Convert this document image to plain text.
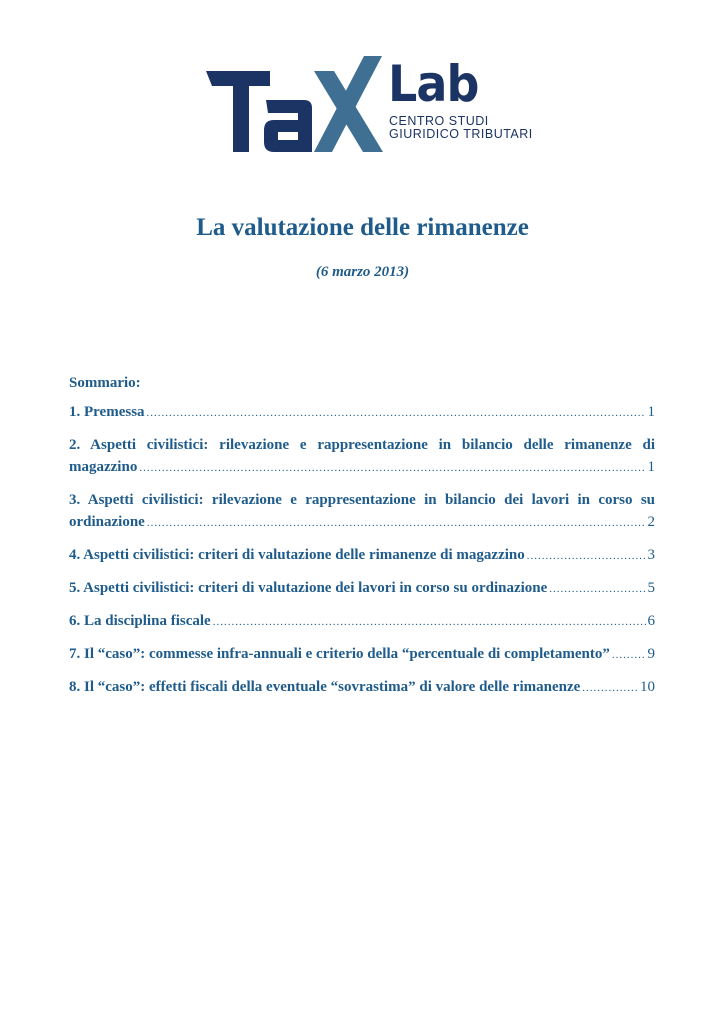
Lab
CENTRO STUDI
GIURIDICO TRIBUTARI
La valutazione delle rimanenze
(6 marzo 2013)
Sommario:
1. Premessa .....	1
2. Aspetti civilistici: rilevazione e rappresentazione in bilancio delle rimanenze di
magazzino .....	1
3. Aspetti civilistici: rilevazione e rappresentazione in bilancio dei lavori in corso su
ordinazione .....	2
4. Aspetti civilistici: criteri di valutazione delle rimanenze di magazzino .....	3
5. Aspetti civilistici: criteri di valutazione dei lavori in corso su ordinazione .....	5
6. La disciplina fiscale .....	6
7. Il “caso”: commesse infra-annuali e criterio della “percentuale di completamento” .....	9
8. Il “caso”: effetti fiscali della eventuale “sovrastima” di valore delle rimanenze .....	10
